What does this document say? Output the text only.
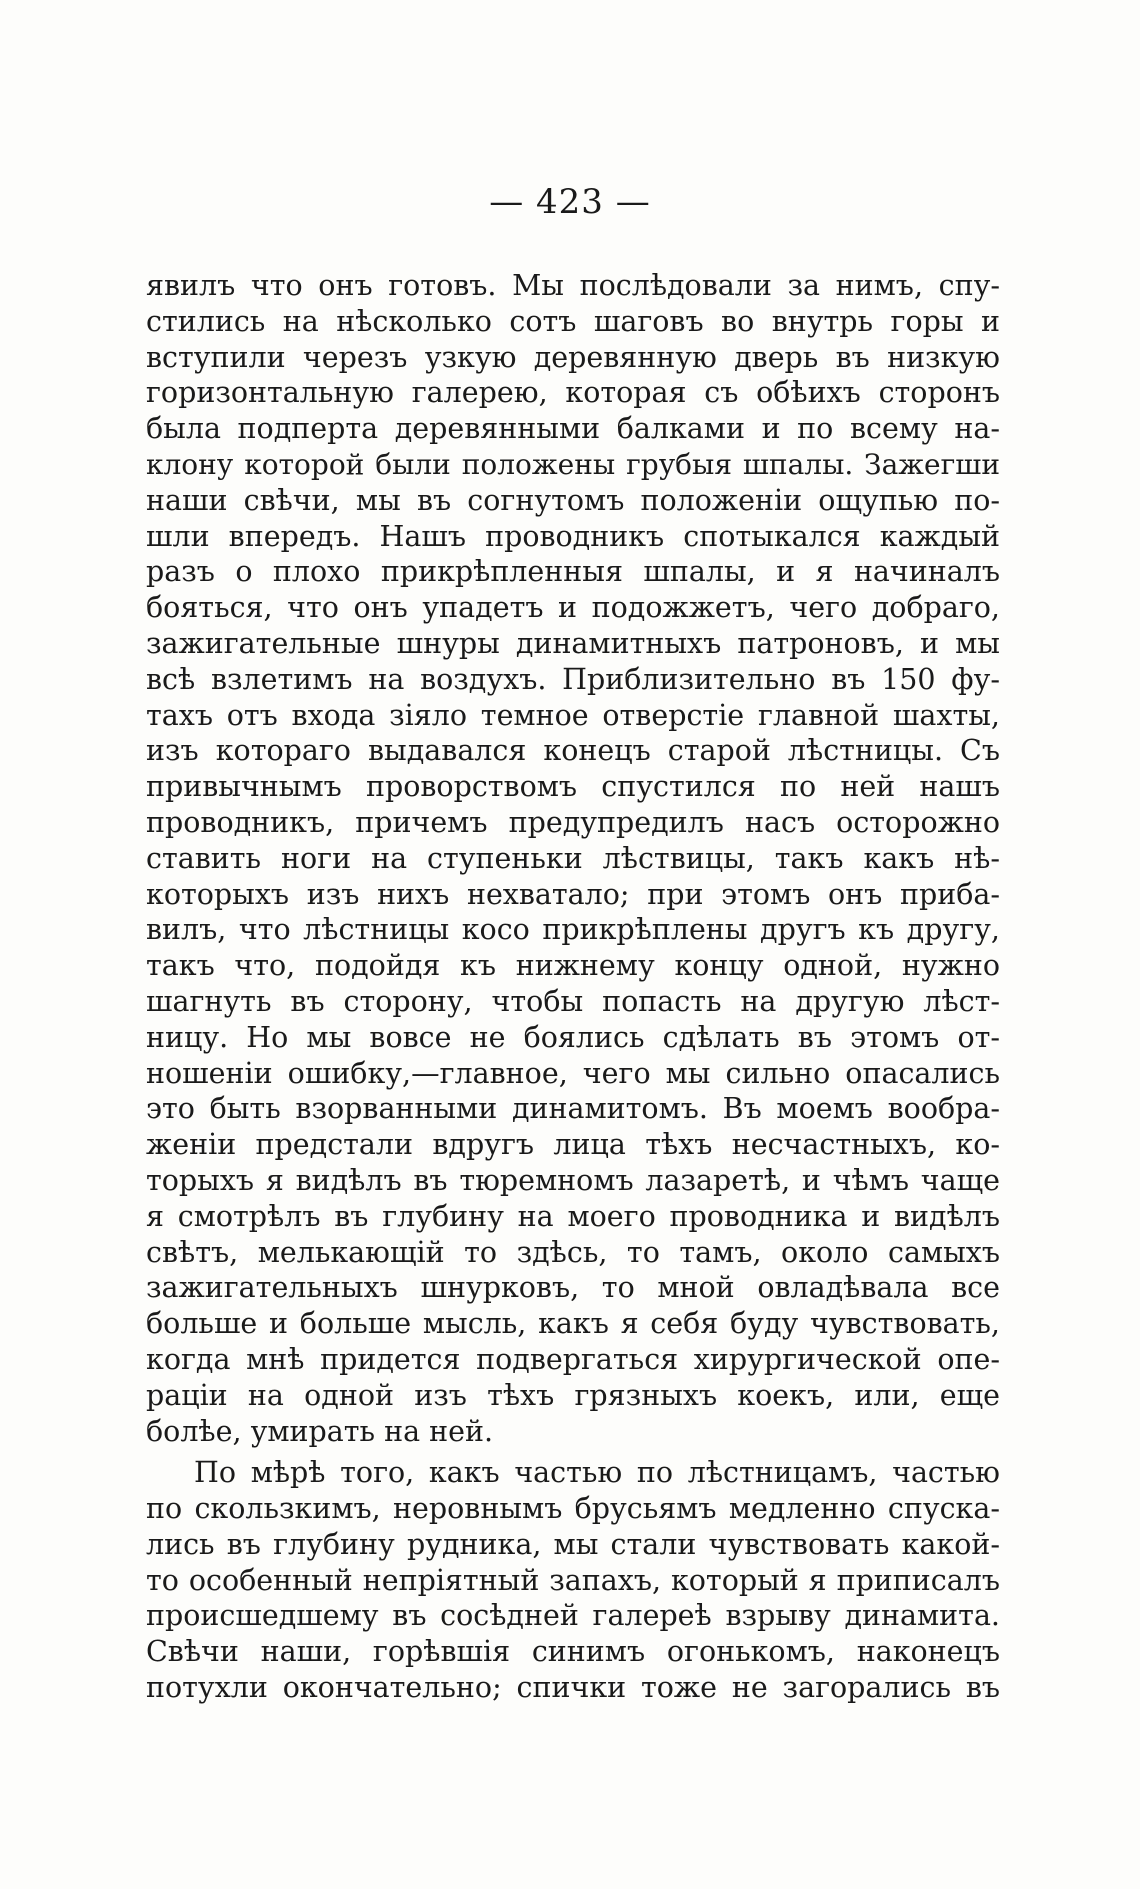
— 423 —
явилъ что онъ готовъ. Мы послѣдовали за нимъ, спу-
стились на нѣсколько сотъ шаговъ во внутрь горы и
вступили черезъ узкую деревянную дверь въ низкую
горизонтальную галерею, которая съ обѣихъ сторонъ
была подперта деревянными балками и по всему на-
клону которой были положены грубыя шпалы. Зажегши
наши свѣчи, мы въ согнутомъ положеніи ощупью по-
шли впередъ. Нашъ проводникъ спотыкался каждый
разъ о плохо прикрѣпленныя шпалы, и я начиналъ
бояться, что онъ упадетъ и подожжетъ, чего добраго,
зажигательные шнуры динамитныхъ патроновъ, и мы
всѣ взлетимъ на воздухъ. Приблизительно въ 150 фу-
тахъ отъ входа зіяло темное отверстіе главной шахты,
изъ котораго выдавался конецъ старой лѣстницы. Съ
привычнымъ проворствомъ спустился по ней нашъ
проводникъ, причемъ предупредилъ насъ осторожно
ставить ноги на ступеньки лѣствицы, такъ какъ нѣ-
которыхъ изъ нихъ нехватало; при этомъ онъ приба-
вилъ, что лѣстницы косо прикрѣплены другъ къ другу,
такъ что, подойдя къ нижнему концу одной, нужно
шагнуть въ сторону, чтобы попасть на другую лѣст-
ницу. Но мы вовсе не боялись сдѣлать въ этомъ от-
ношеніи ошибку,—главное, чего мы сильно опасались
это быть взорванными динамитомъ. Въ моемъ вообра-
женіи предстали вдругъ лица тѣхъ несчастныхъ, ко-
торыхъ я видѣлъ въ тюремномъ лазаретѣ, и чѣмъ чаще
я смотрѣлъ въ глубину на моего проводника и видѣлъ
свѣтъ, мелькающій то здѣсь, то тамъ, около самыхъ
зажигательныхъ шнурковъ, то мной овладѣвала все
больше и больше мысль, какъ я себя буду чувствовать,
когда мнѣ придется подвергаться хирургической опе-
раціи на одной изъ тѣхъ грязныхъ коекъ, или, еще
болѣе, умирать на ней.
По мѣрѣ того, какъ частью по лѣстницамъ, частью
по скользкимъ, неровнымъ брусьямъ медленно спуска-
лись въ глубину рудника, мы стали чувствовать какой-
то особенный непріятный запахъ, который я приписалъ
происшедшему въ сосѣдней галереѣ взрыву динамита.
Свѣчи наши, горѣвшія синимъ огонькомъ, наконецъ
потухли окончательно; спички тоже не загорались въ
